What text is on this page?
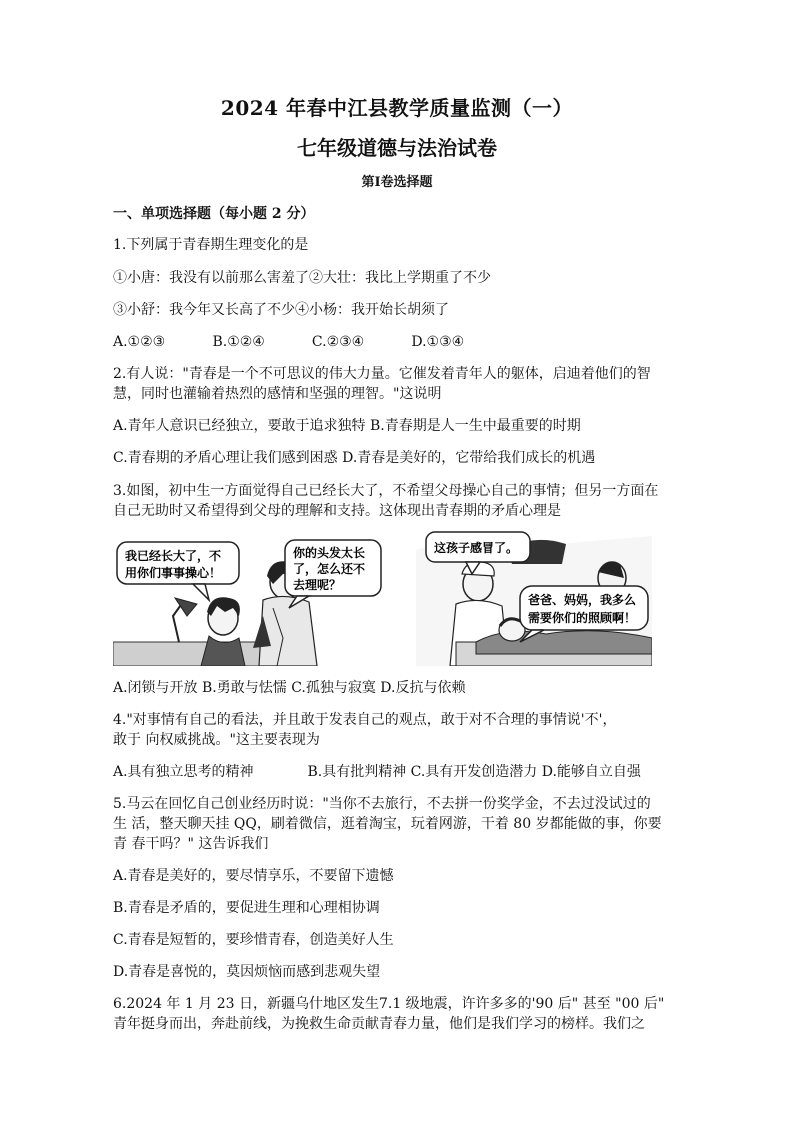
2024 年春中江县教学质量监测（一）
七年级道德与法治试卷
第Ⅰ卷选择题
一、单项选择题（每小题 2 分）
1.下列属于青春期生理变化的是
①小唐：我没有以前那么害羞了②大壮：我比上学期重了不少
③小舒：我今年又长高了不少④小杨：我开始长胡须了
A.①②③	B.①②④	C.②③④	D.①③④
2.有人说："青春是一个不可思议的伟大力量。它催发着青年人的躯体，启迪着他们的智
慧，同时也灌输着热烈的感情和坚强的理智。"这说明
A.青年人意识已经独立，要敢于追求独特 B.青春期是人一生中最重要的时期
C.青春期的矛盾心理让我们感到困惑 D.青春是美好的，它带给我们成长的机遇
3.如图，初中生一方面觉得自己已经长大了，不希望父母操心自己的事情；但另一方面在
自己无助时又希望得到父母的理解和支持。这体现出青春期的矛盾心理是
我已经长大了，不
用你们事事操心！
你的头发太长
了，怎么还不
去理呢？
这孩子感冒了。
爸爸、妈妈，我多么
需要你们的照顾啊！
A.闭锁与开放 B.勇敢与怯懦 C.孤独与寂寞 D.反抗与依赖
4."对事情有自己的看法，并且敢于发表自己的观点，敢于对不合理的事情说'不'，
敢于 向权威挑战。"这主要表现为
A.具有独立思考的精神	B.具有批判精神 C.具有开发创造潜力 D.能够自立自强
5.马云在回忆自己创业经历时说："当你不去旅行，不去拼一份奖学金，不去过没试过的
生 活，整天聊天挂 QQ，刷着微信，逛着淘宝，玩着网游，干着 80 岁都能做的事，你要
青 春干吗？" 这告诉我们
A.青春是美好的，要尽情享乐，不要留下遗憾
B.青春是矛盾的，要促进生理和心理相协调
C.青春是短暂的，要珍惜青春，创造美好人生
D.青春是喜悦的，莫因烦恼而感到悲观失望
6.2024 年 1 月 23 日，新疆乌什地区发生7.1 级地震，许许多多的'90 后" 甚至 "00 后"
青年挺身而出，奔赴前线，为挽救生命贡献青春力量，他们是我们学习的榜样。我们之
